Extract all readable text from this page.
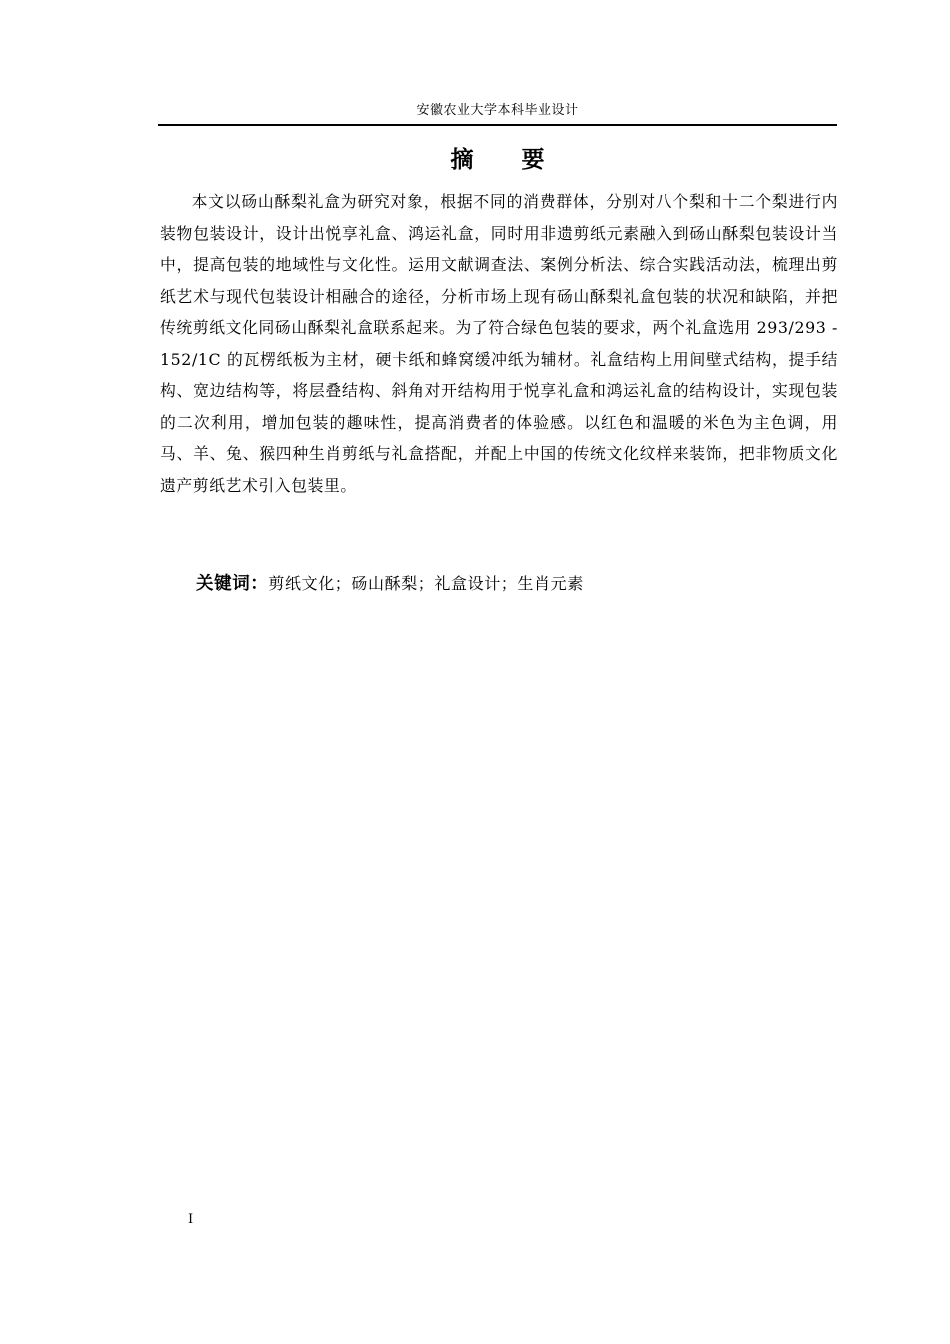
安徽农业大学本科毕业设计
摘 要

本文以砀山酥梨礼盒为研究对象，根据不同的消费群体，分别对八个梨和十二个梨进行内装物包装设计，设计出悦享礼盒、鸿运礼盒，同时用非遗剪纸元素融入到砀山酥梨包装设计当中，提高包装的地域性与文化性。运用文献调查法、案例分析法、综合实践活动法，梳理出剪纸艺术与现代包装设计相融合的途径，分析市场上现有砀山酥梨礼盒包装的状况和缺陷，并把传统剪纸文化同砀山酥梨礼盒联系起来。为了符合绿色包装的要求，两个礼盒选用 293/293 - 152/1C 的瓦楞纸板为主材，硬卡纸和蜂窝缓冲纸为辅材。礼盒结构上用间壁式结构，提手结构、宽边结构等，将层叠结构、斜角对开结构用于悦享礼盒和鸿运礼盒的结构设计，实现包装的二次利用，增加包装的趣味性，提高消费者的体验感。以红色和温暖的米色为主色调，用马、羊、兔、猴四种生肖剪纸与礼盒搭配，并配上中国的传统文化纹样来装饰，把非物质文化遗产剪纸艺术引入包装里。

关键词：剪纸文化；砀山酥梨；礼盒设计；生肖元素
I
